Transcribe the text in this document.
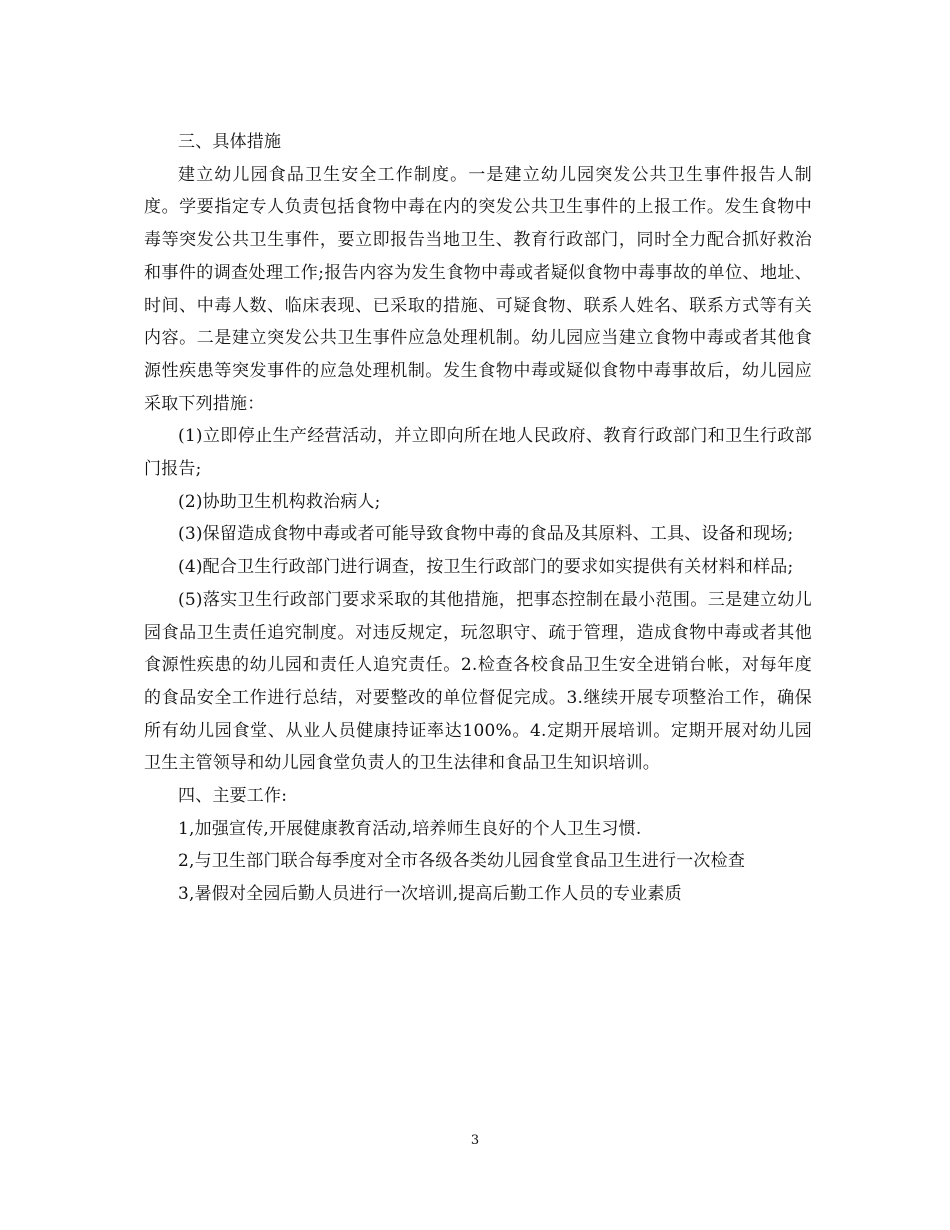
三、具体措施

建立幼儿园食品卫生安全工作制度。一是建立幼儿园突发公共卫生事件报告人制度。学要指定专人负责包括食物中毒在内的突发公共卫生事件的上报工作。发生食物中毒等突发公共卫生事件，要立即报告当地卫生、教育行政部门，同时全力配合抓好救治和事件的调查处理工作;报告内容为发生食物中毒或者疑似食物中毒事故的单位、地址、时间、中毒人数、临床表现、已采取的措施、可疑食物、联系人姓名、联系方式等有关内容。二是建立突发公共卫生事件应急处理机制。幼儿园应当建立食物中毒或者其他食源性疾患等突发事件的应急处理机制。发生食物中毒或疑似食物中毒事故后，幼儿园应采取下列措施：

(1)立即停止生产经营活动，并立即向所在地人民政府、教育行政部门和卫生行政部门报告;

(2)协助卫生机构救治病人;

(3)保留造成食物中毒或者可能导致食物中毒的食品及其原料、工具、设备和现场;

(4)配合卫生行政部门进行调查，按卫生行政部门的要求如实提供有关材料和样品;

(5)落实卫生行政部门要求采取的其他措施，把事态控制在最小范围。三是建立幼儿园食品卫生责任追究制度。对违反规定，玩忽职守、疏于管理，造成食物中毒或者其他食源性疾患的幼儿园和责任人追究责任。2.检查各校食品卫生安全进销台帐，对每年度的食品安全工作进行总结，对要整改的单位督促完成。3.继续开展专项整治工作，确保所有幼儿园食堂、从业人员健康持证率达100%。4.定期开展培训。定期开展对幼儿园卫生主管领导和幼儿园食堂负责人的卫生法律和食品卫生知识培训。

四、主要工作:

1,加强宣传,开展健康教育活动,培养师生良好的个人卫生习惯.

2,与卫生部门联合每季度对全市各级各类幼儿园食堂食品卫生进行一次检查

3,暑假对全园后勤人员进行一次培训,提高后勤工作人员的专业素质

3
